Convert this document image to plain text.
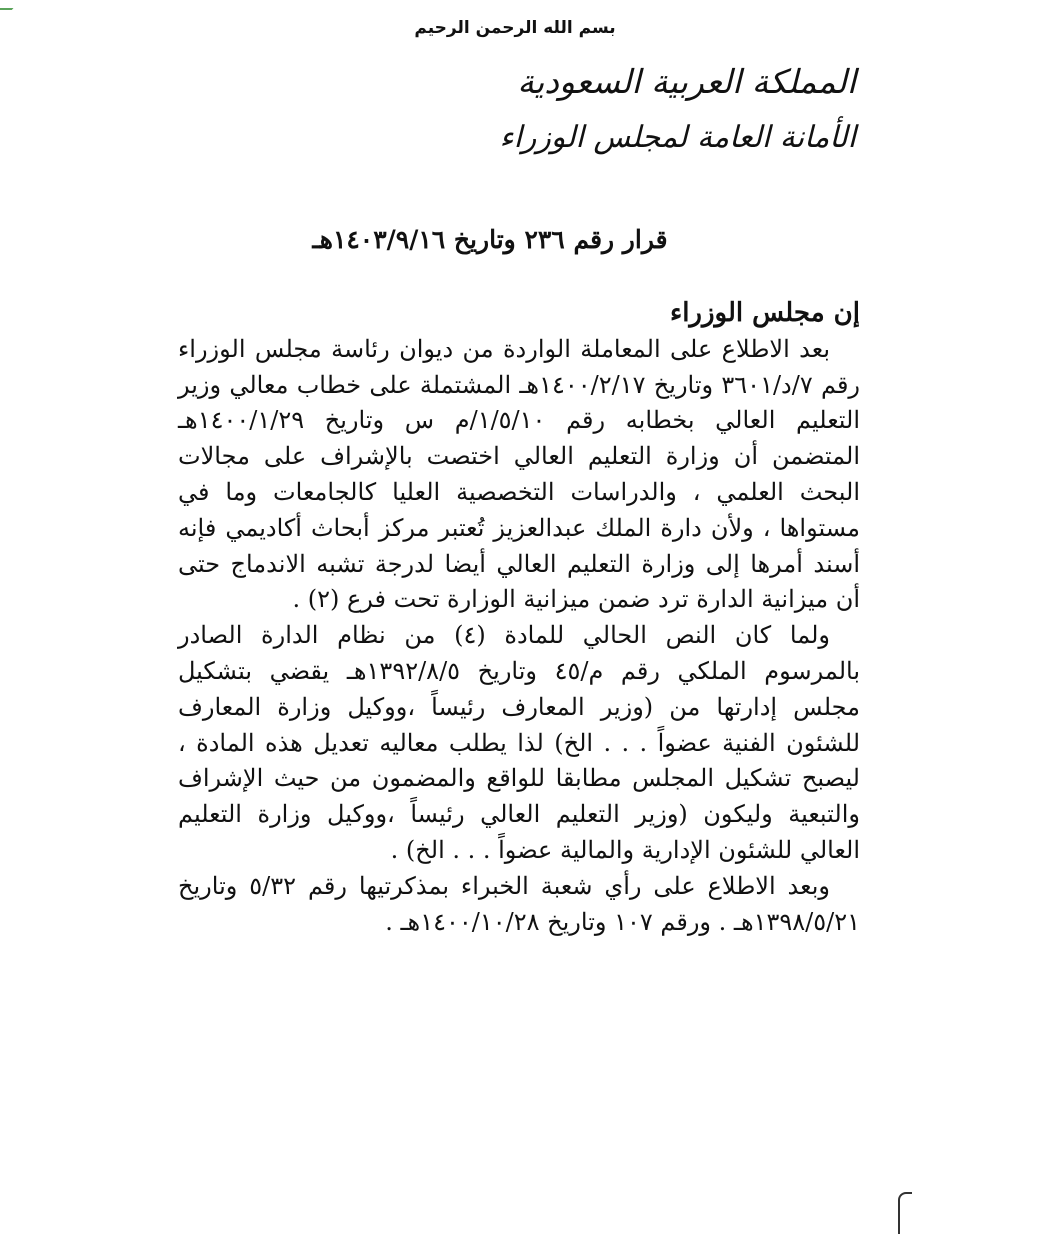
بسم الله الرحمن الرحيم
المملكة العربية السعودية
الأمانة العامة لمجلس الوزراء
قرار رقم ٢٣٦ وتاريخ ١٤٠٣/٩/١٦هـ
إن مجلس الوزراء

بعد الاطلاع على المعاملة الواردة من ديوان رئاسة مجلس الوزراء رقم ٧/د/٣٦٠١ وتاريخ ١٤٠٠/٢/١٧هـ المشتملة على خطاب معالي وزير التعليم العالي بخطابه رقم ١/٥/١٠/م س وتاريخ ١٤٠٠/١/٢٩هـ المتضمن أن وزارة التعليم العالي اختصت بالإشراف على مجالات البحث العلمي ، والدراسات التخصصية العليا كالجامعات وما في مستواها ، ولأن دارة الملك عبدالعزيز تُعتبر مركز أبحاث أكاديمي فإنه أسند أمرها إلى وزارة التعليم العالي أيضا لدرجة تشبه الاندماج حتى أن ميزانية الدارة ترد ضمن ميزانية الوزارة تحت فرع (٢) .

ولما كان النص الحالي للمادة (٤) من نظام الدارة الصادر بالمرسوم الملكي رقم م/٤٥ وتاريخ ١٣٩٢/٨/٥هـ يقضي بتشكيل مجلس إدارتها من (وزير المعارف رئيساً ،ووكيل وزارة المعارف للشئون الفنية عضواً . . . الخ) لذا يطلب معاليه تعديل هذه المادة ، ليصبح تشكيل المجلس مطابقا للواقع والمضمون من حيث الإشراف والتبعية وليكون (وزير التعليم العالي رئيساً ،ووكيل وزارة التعليم العالي للشئون الإدارية والمالية عضواً . . . الخ) .

وبعد الاطلاع على رأي شعبة الخبراء بمذكرتيها رقم ٥/٣٢ وتاريخ ١٣٩٨/٥/٢١هـ . ورقم ١٠٧ وتاريخ ١٤٠٠/١٠/٢٨هـ .
